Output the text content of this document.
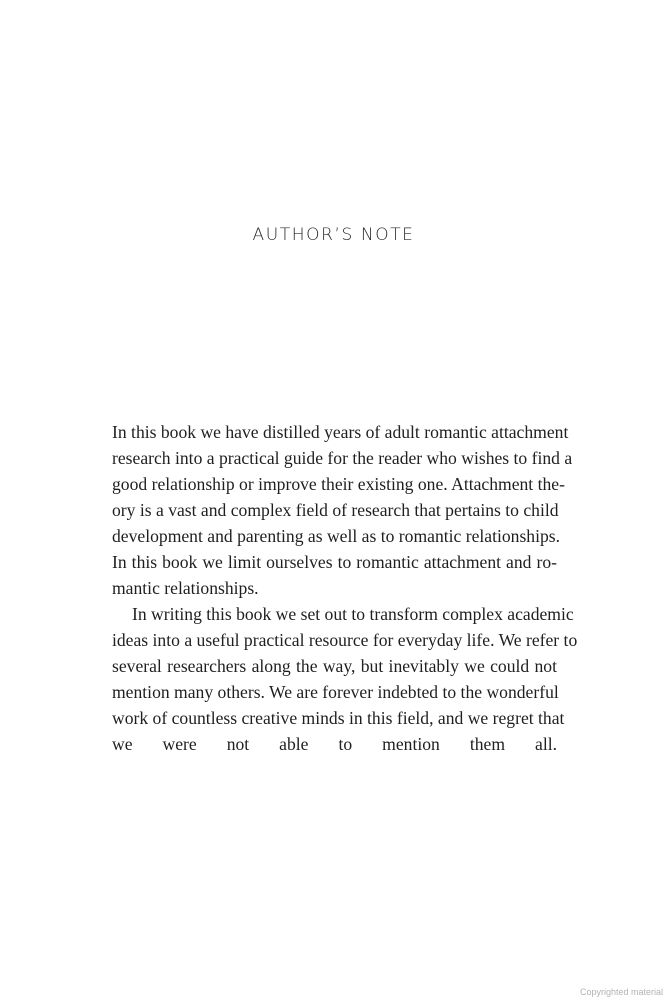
AUTHOR’S NOTE
In this book we have distilled years of adult romantic attachment
research into a practical guide for the reader who wishes to find a
good relationship or improve their existing one. Attachment the-
ory is a vast and complex field of research that pertains to child
development and parenting as well as to romantic relationships.
In this book we limit ourselves to romantic attachment and ro-
mantic relationships.
In writing this book we set out to transform complex academic
ideas into a useful practical resource for everyday life. We refer to
several researchers along the way, but inevitably we could not
mention many others. We are forever indebted to the wonderful
work of countless creative minds in this field, and we regret that
we were not able to mention them all.
Copyrighted material
